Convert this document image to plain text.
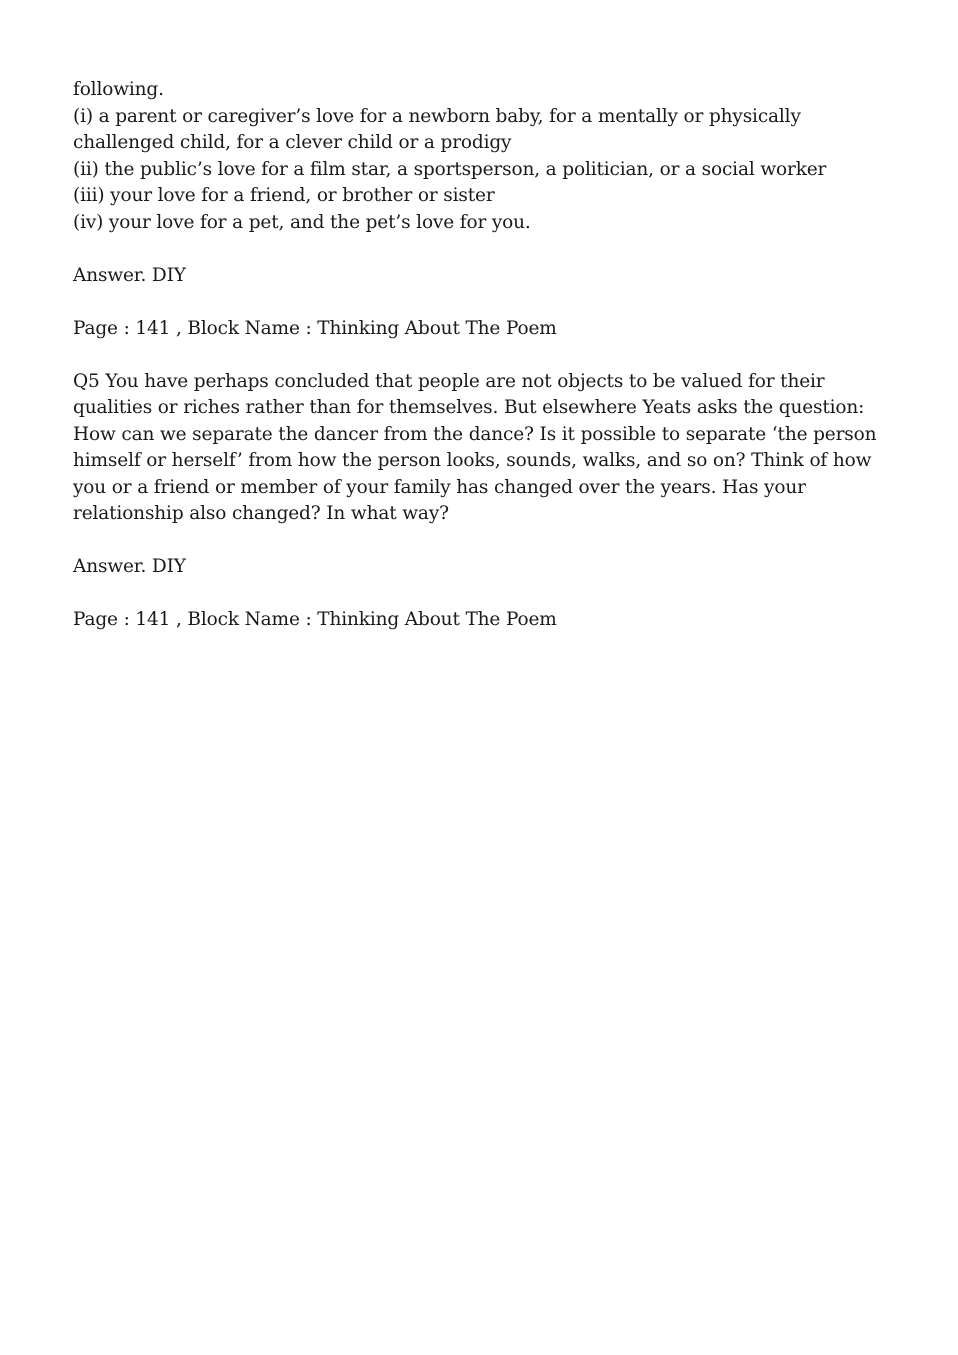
following.
(i) a parent or caregiver’s love for a newborn baby, for a mentally or physically challenged child, for a clever child or a prodigy
(ii) the public’s love for a film star, a sportsperson, a politician, or a social worker
(iii) your love for a friend, or brother or sister
(iv) your love for a pet, and the pet’s love for you.

Answer. DIY

Page : 141 , Block Name : Thinking About The Poem

Q5 You have perhaps concluded that people are not objects to be valued for their qualities or riches rather than for themselves. But elsewhere Yeats asks the question: How can we separate the dancer from the dance? Is it possible to separate ‘the person himself or herself’ from how the person looks, sounds, walks, and so on? Think of how you or a friend or member of your family has changed over the years. Has your relationship also changed? In what way?

Answer. DIY

Page : 141 , Block Name : Thinking About The Poem
